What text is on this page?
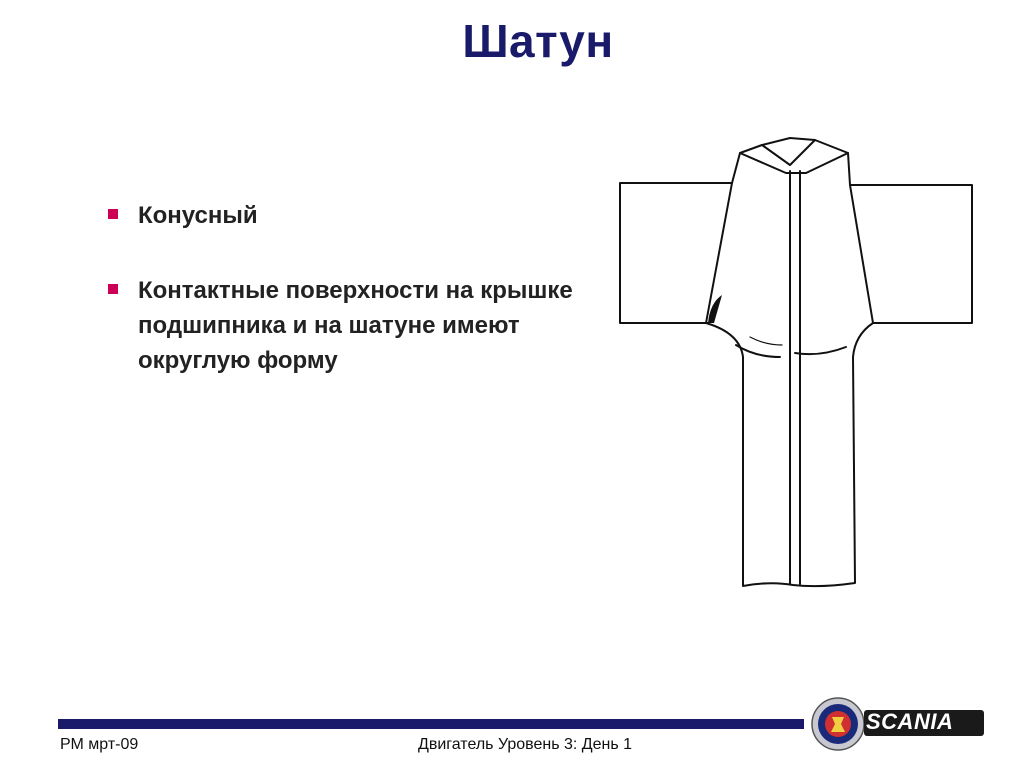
Шатун
Конусный
Контактные поверхности на крышке подшипника и на шатуне имеют округлую форму
РМ мрт-09	Двигатель Уровень 3: День 1
SCANIA
